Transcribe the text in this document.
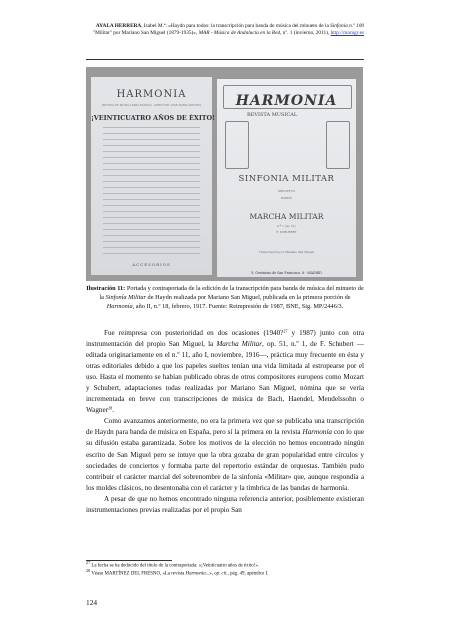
AYALA HERRERA, Isabel M.ª: «Haydn para todos: la transcripción para banda de música del minueto de la Sinfonía n.º 100 "Militar" por Mariano San Miguel (1879-1935)», MAR - Música de Andalucía en la Red, nº. 1 (invierno, 2011), http://marugr.es
HARMONIA
REVISTA DE MÚSICA PARA BANDAS · DIRECTOR: JOSÉ MARÍA MONTES
¡VEINTICUATRO AÑOS DE ÉXITO!
ACCESORIOS
HARMONIA
REVISTA MUSICAL
SINFONIA MILITAR
MINUETTO
HAYDN
MARCHA MILITAR
n.º 1 (op. 51)
F. SCHUBERT
Transcripción por Mariano San Miguel
S. Gerónimo de San Francisco, 8 - MADRID
Ilustración 11: Portada y contraportada de la edición de la transcripción para banda de música del minueto de la Sinfonía Militar de Haydn realizada por Mariano San Miguel, publicada en la primera porción de Harmonía, año II, n.º 18, febrero, 1917. Fuente: Reimpresión de 1987, BNE, Sig. MP/2446/3.

Fue reimpresa con posterioridad en dos ocasiones (1940?$^{27}$ y 1987) junto con otra instrumentación del propio San Miguel, la Marcha Militar, op. 51, n.º 1, de F. Schubert —editada originariamente en el n.º 11, año I, noviembre, 1916—, práctica muy frecuente en ésta y otras editoriales debido a que los papeles sueltos tenían una vida limitada al estropearse por el uso. Hasta el momento se habían publicado obras de otros compositores europeos como Mozart y Schubert, adaptaciones todas realizadas por Mariano San Miguel, nómina que se vería incrementada en breve con transcripciones de música de Bach, Haendel, Mendelssohn o Wagner$^{28}$.

Como avanzamos anteriormente, no era la primera vez que se publicaba una transcripción de Haydn para banda de música en España, pero sí la primera en la revista Harmonía con lo que su difusión estaba garantizada. Sobre los motivos de la elección no hemos encontrado ningún escrito de San Miguel pero se intuye que la obra gozaba de gran popularidad entre círculos y sociedades de conciertos y formaba parte del repertorio estándar de orquestas. También pudo contribuir el carácter marcial del sobrenombre de la sinfonía «Militar» que, aunque respondía a los moldes clásicos, no desentonaba con el carácter y la tímbrica de las bandas de harmonía.

A pesar de que no hemos encontrado ninguna referencia anterior, posiblemente existieran instrumentaciones previas realizadas por el propio San

$^{27}$ La fecha se ha deducido del título de la contraportada: «¡Veinticuatro años de éxito!».
$^{28}$ Véase MARTÍNEZ DEL FRESNO, «La revista Harmonía...», op. cit., pág. 49, apéndice I.
124
